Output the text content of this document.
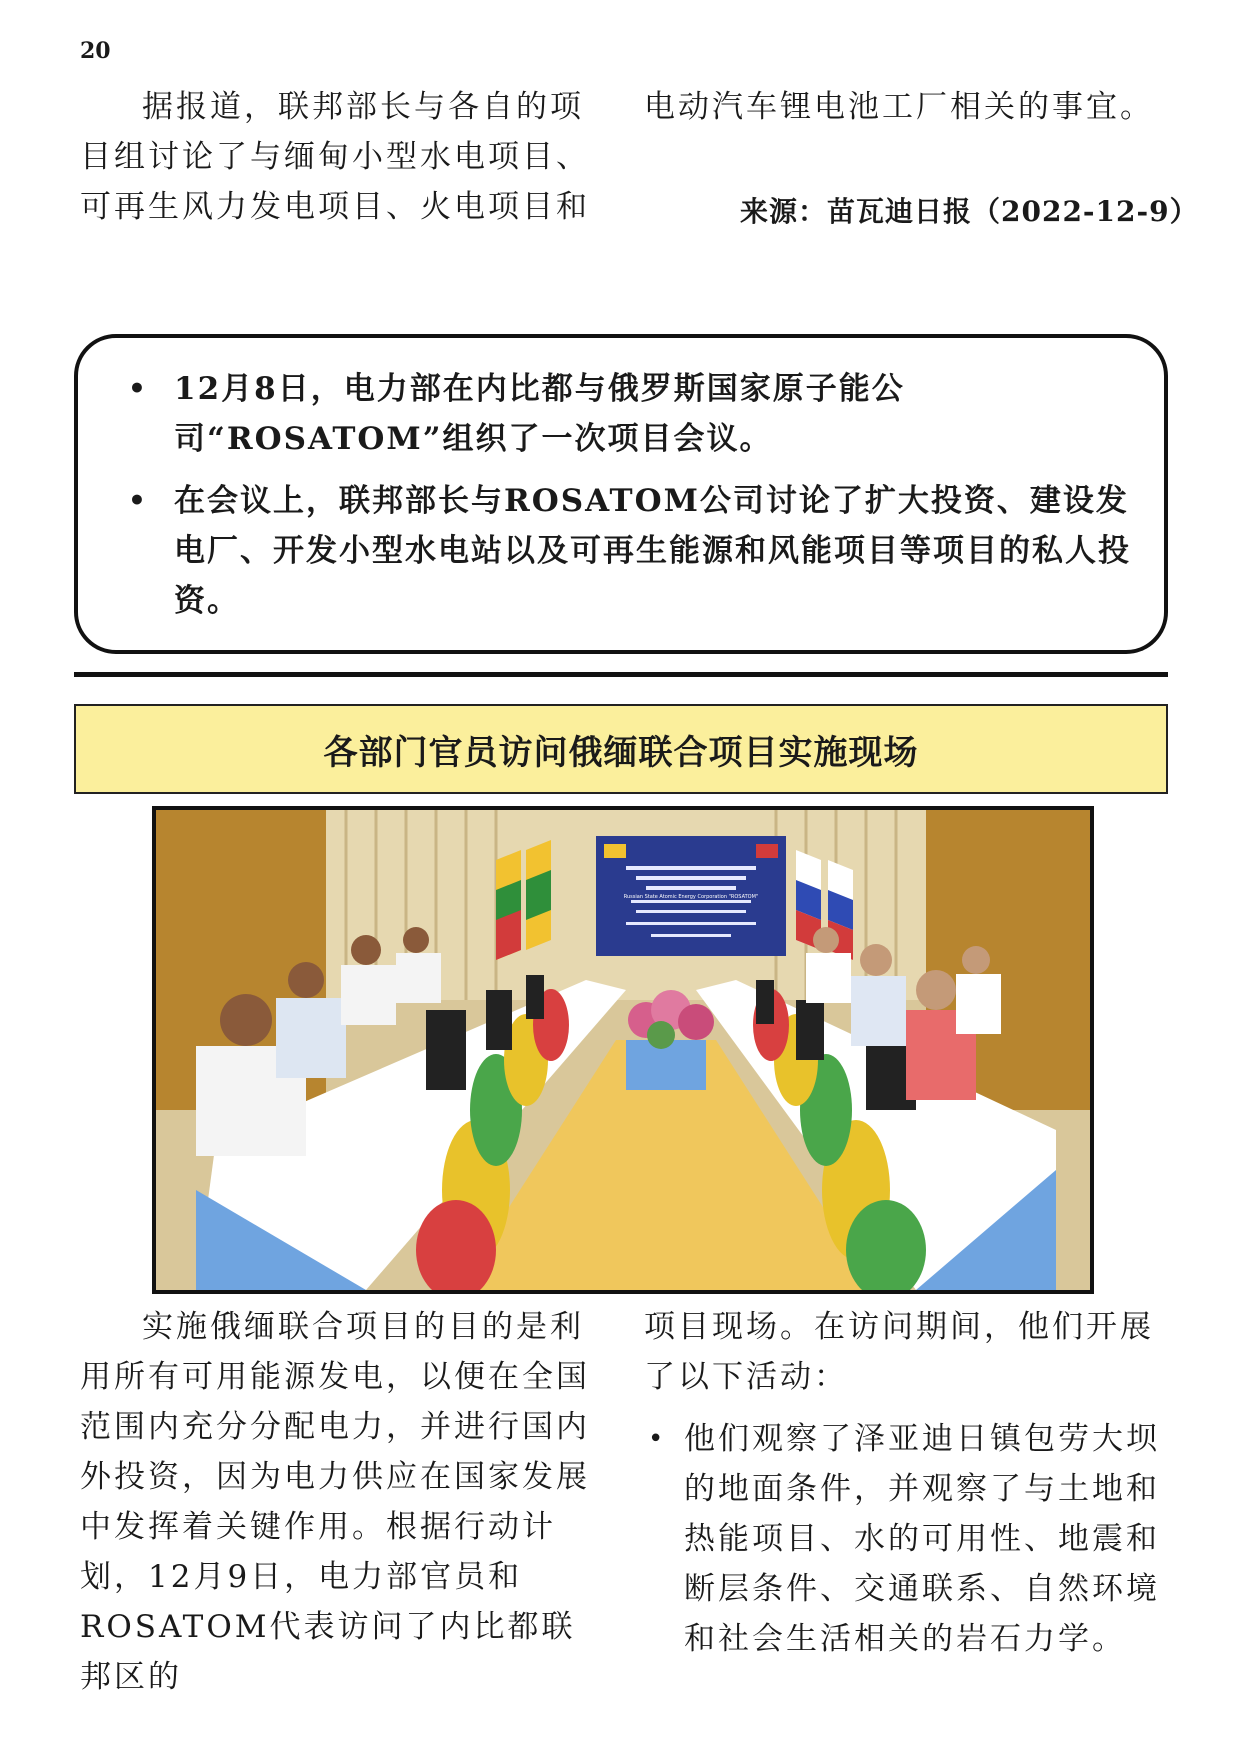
20
据报道，联邦部长与各自的项目组讨论了与缅甸小型水电项目、可再生风力发电项目、火电项目和
电动汽车锂电池工厂相关的事宜。
来源：苗瓦迪日报（2022-12-9）
• 12月8日，电力部在内比都与俄罗斯国家原子能公司“ROSATOM”组织了一次项目会议。
• 在会议上，联邦部长与ROSATOM公司讨论了扩大投资、建设发电厂、开发小型水电站以及可再生能源和风能项目等项目的私人投资。
各部门官员访问俄缅联合项目实施现场
Russian State Atomic Energy Corporation "ROSATOM"
实施俄缅联合项目的目的是利用所有可用能源发电，以便在全国范围内充分分配电力，并进行国内外投资，因为电力供应在国家发展中发挥着关键作用。根据行动计划，12月9日，电力部官员和ROSATOM代表访问了内比都联邦区的
项目现场。在访问期间，他们开展了以下活动：
• 他们观察了泽亚迪日镇包劳大坝的地面条件，并观察了与土地和热能项目、水的可用性、地震和断层条件、交通联系、自然环境和社会生活相关的岩石力学。
